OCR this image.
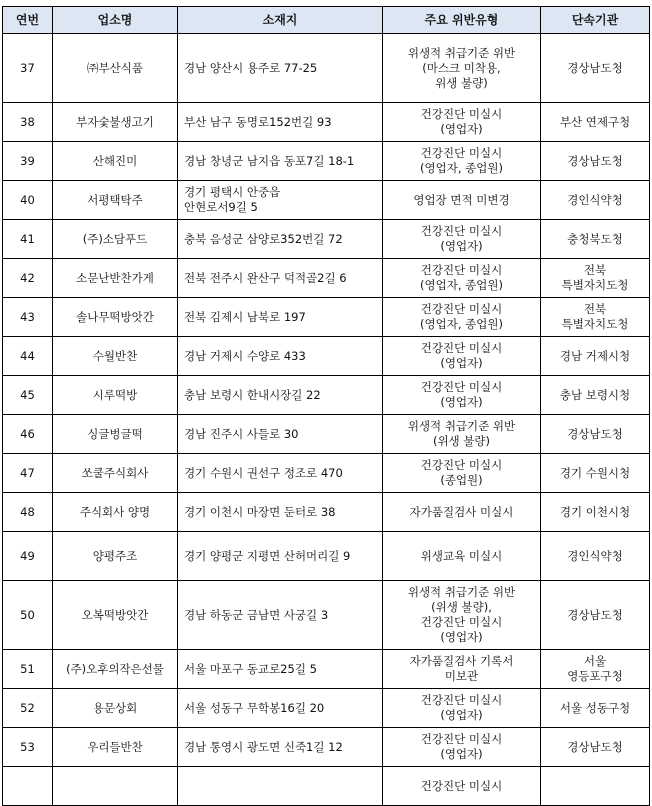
연번	업소명	소재지	주요 위반유형	단속기관
37	㈜부산식품	경남 양산시 용주로 77-25	위생적 취급기준 위반
(마스크 미착용,
위생 불량)	경상남도청
38	부자숯불생고기	부산 남구 동명로152번길 93	건강진단 미실시
(영업자)	부산 연제구청
39	산해진미	경남 창녕군 남지읍 동포7길 18-1	건강진단 미실시
(영업자, 종업원)	경상남도청
40	서평택탁주	경기 평택시 안중읍
안현로서9길 5	영업장 면적 미변경	경인식약청
41	(주)소담푸드	충북 음성군 삼양로352번길 72	건강진단 미실시
(영업자)	충청북도청
42	소문난반찬가게	전북 전주시 완산구 덕적골2길 6	건강진단 미실시
(영업자, 종업원)	전북
특별자치도청
43	솔나무떡방앗간	전북 김제시 남북로 197	건강진단 미실시
(영업자, 종업원)	전북
특별자치도청
44	수월반찬	경남 거제시 수양로 433	건강진단 미실시
(영업자)	경남 거제시청
45	시루떡방	충남 보령시 한내시장길 22	건강진단 미실시
(영업자)	충남 보령시청
46	싱글벙글떡	경남 진주시 사들로 30	위생적 취급기준 위반
(위생 불량)	경상남도청
47	쏘쿨주식회사	경기 수원시 권선구 정조로 470	건강진단 미실시
(종업원)	경기 수원시청
48	주식회사 양명	경기 이천시 마장면 둔터로 38	자가품질검사 미실시	경기 이천시청
49	양평주조	경기 양평군 지평면 산허머리길 9	위생교육 미실시	경인식약청
50	오복떡방앗간	경남 하동군 금남면 사궁길 3	위생적 취급기준 위반
(위생 불량),
건강진단 미실시
(영업자)	경상남도청
51	(주)오후의작은선물	서울 마포구 동교로25길 5	자가품질검사 기록서
미보관	서울
영등포구청
52	용문상회	서울 성동구 무학봉16길 20	건강진단 미실시
(영업자)	서울 성동구청
53	우리들반찬	경남 통영시 광도면 신죽1길 12	건강진단 미실시
(영업자)	경상남도청
			건강진단 미실시	
